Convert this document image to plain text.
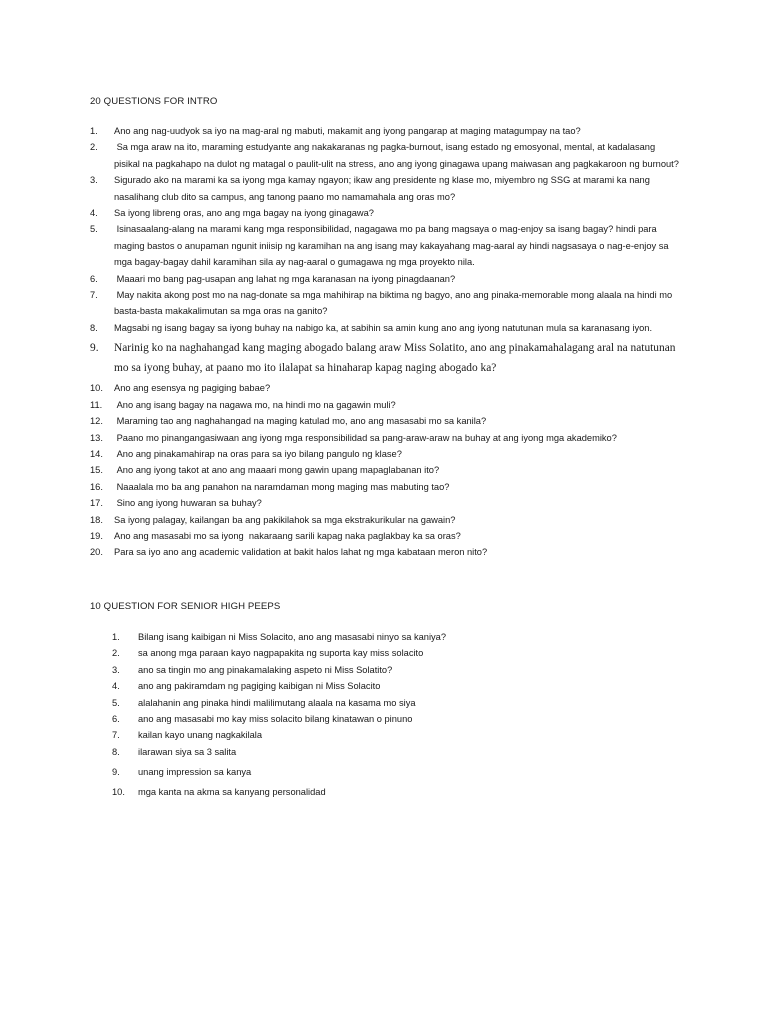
20 QUESTIONS FOR INTRO
1.	Ano ang nag-uudyok sa iyo na mag-aral ng mabuti, makamit ang iyong pangarap at maging matagumpay na tao?
2.	Sa mga araw na ito, maraming estudyante ang nakakaranas ng pagka-burnout, isang estado ng emosyonal, mental, at kadalasang pisikal na pagkahapo na dulot ng matagal o paulit-ulit na stress, ano ang iyong ginagawa upang maiwasan ang pagkakaroon ng burnout?
3.	Sigurado ako na marami ka sa iyong mga kamay ngayon; ikaw ang presidente ng klase mo, miyembro ng SSG at marami ka nang nasalihang club dito sa campus, ang tanong paano mo namamahala ang oras mo?
4.	Sa iyong libreng oras, ano ang mga bagay na iyong ginagawa?
5.	Isinasaalang-alang na marami kang mga responsibilidad, nagagawa mo pa bang magsaya o mag-enjoy sa isang bagay? hindi para maging bastos o anupaman ngunit iniisip ng karamihan na ang isang may kakayahang mag-aaral ay hindi nagsasaya o nag-e-enjoy sa mga bagay-bagay dahil karamihan sila ay nag-aaral o gumagawa ng mga proyekto nila.
6.	Maaari mo bang pag-usapan ang lahat ng mga karanasan na iyong pinagdaanan?
7.	May nakita akong post mo na nag-donate sa mga mahihirap na biktima ng bagyo, ano ang pinaka-memorable mong alaala na hindi mo basta-basta makakalimutan sa mga oras na ganito?
8.	Magsabi ng isang bagay sa iyong buhay na nabigo ka, at sabihin sa amin kung ano ang iyong natutunan mula sa karanasang iyon.
9.	Narinig ko na naghahangad kang maging abogado balang araw Miss Solatito, ano ang pinakamahalagang aral na natutunan mo sa iyong buhay, at paano mo ito ilalapat sa hinaharap kapag naging abogado ka?
10.	Ano ang esensya ng pagiging babae?
11.	Ano ang isang bagay na nagawa mo, na hindi mo na gagawin muli?
12.	Maraming tao ang naghahangad na maging katulad mo, ano ang masasabi mo sa kanila?
13.	Paano mo pinangangasiwaan ang iyong mga responsibilidad sa pang-araw-araw na buhay at ang iyong mga akademiko?
14.	Ano ang pinakamahirap na oras para sa iyo bilang pangulo ng klase?
15.	Ano ang iyong takot at ano ang maaari mong gawin upang mapaglabanan ito?
16.	Naaalala mo ba ang panahon na naramdaman mong maging mas mabuting tao?
17.	Sino ang iyong huwaran sa buhay?
18.	Sa iyong palagay, kailangan ba ang pakikilahok sa mga ekstrakurikular na gawain?
19.	Ano ang masasabi mo sa iyong  nakaraang sarili kapag naka paglakbay ka sa oras?
20.	Para sa iyo ano ang academic validation at bakit halos lahat ng mga kabataan meron nito?
10 QUESTION FOR SENIOR HIGH PEEPS
1.	Bilang isang kaibigan ni Miss Solacito, ano ang masasabi ninyo sa kaniya?
2.	sa anong mga paraan kayo nagpapakita ng suporta kay miss solacito
3.	ano sa tingin mo ang pinakamalaking aspeto ni Miss Solatito?
4.	ano ang pakiramdam ng pagiging kaibigan ni Miss Solacito
5.	alalahanin ang pinaka hindi malilimutang alaala na kasama mo siya
6.	ano ang masasabi mo kay miss solacito bilang kinatawan o pinuno
7.	kailan kayo unang nagkakilala
8.	ilarawan siya sa 3 salita
9.	unang impression sa kanya
10.	mga kanta na akma sa kanyang personalidad
